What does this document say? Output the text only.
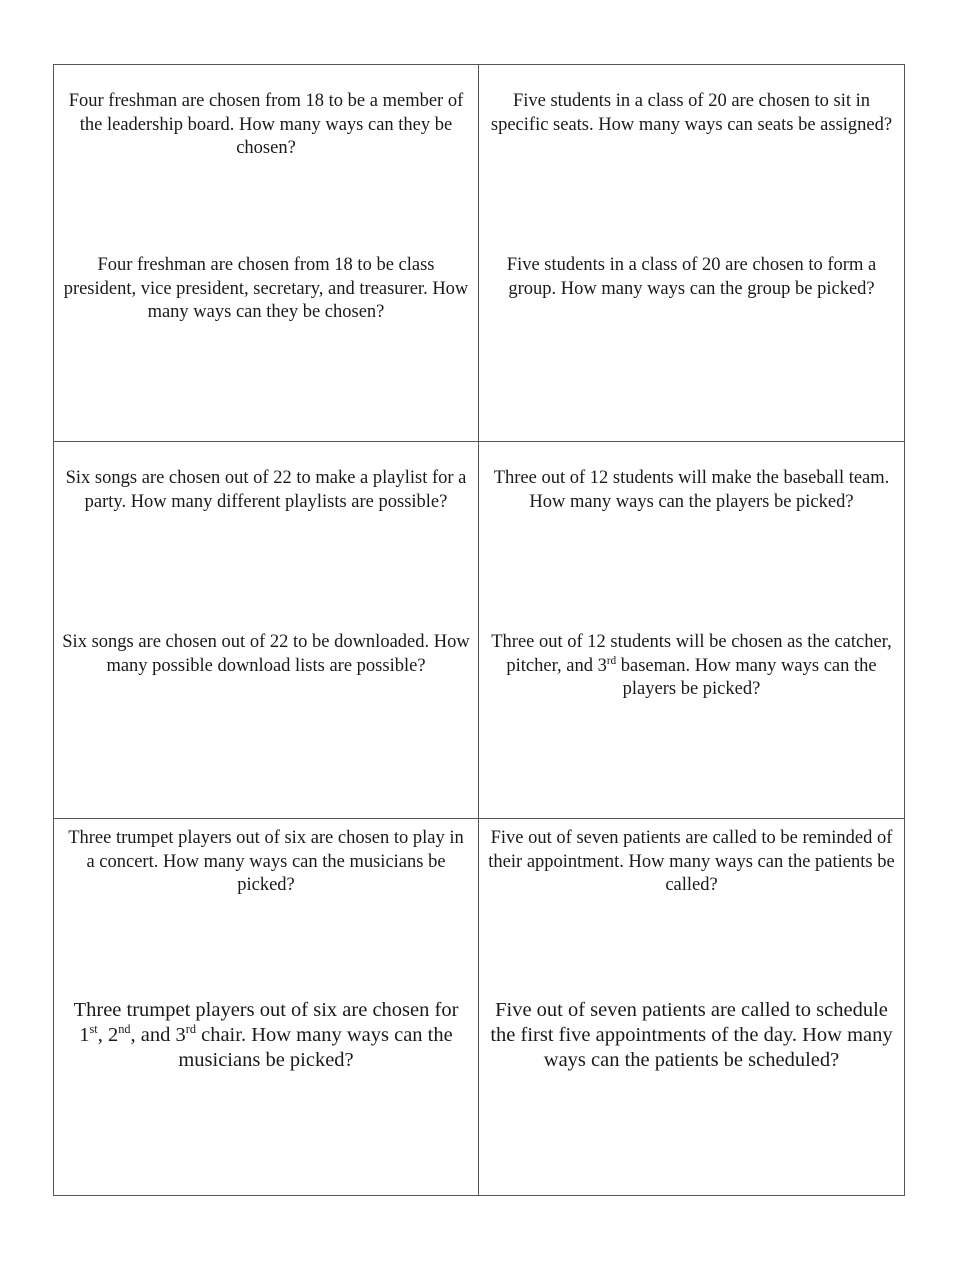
Four freshman are chosen from 18 to be a member of the leadership board. How many ways can they be chosen?
Four freshman are chosen from 18 to be class president, vice president, secretary, and treasurer. How many ways can they be chosen?
Five students in a class of 20 are chosen to sit in specific seats. How many ways can seats be assigned?
Five students in a class of 20 are chosen to form a group. How many ways can the group be picked?
Six songs are chosen out of 22 to make a playlist for a party. How many different playlists are possible?
Six songs are chosen out of 22 to be downloaded. How many possible download lists are possible?
Three out of 12 students will make the baseball team. How many ways can the players be picked?
Three out of 12 students will be chosen as the catcher, pitcher, and 3rd baseman. How many ways can the players be picked?
Three trumpet players out of six are chosen to play in a concert. How many ways can the musicians be picked?
Three trumpet players out of six are chosen for 1st, 2nd, and 3rd chair. How many ways can the musicians be picked?
Five out of seven patients are called to be reminded of their appointment. How many ways can the patients be called?
Five out of seven patients are called to schedule the first five appointments of the day. How many ways can the patients be scheduled?
